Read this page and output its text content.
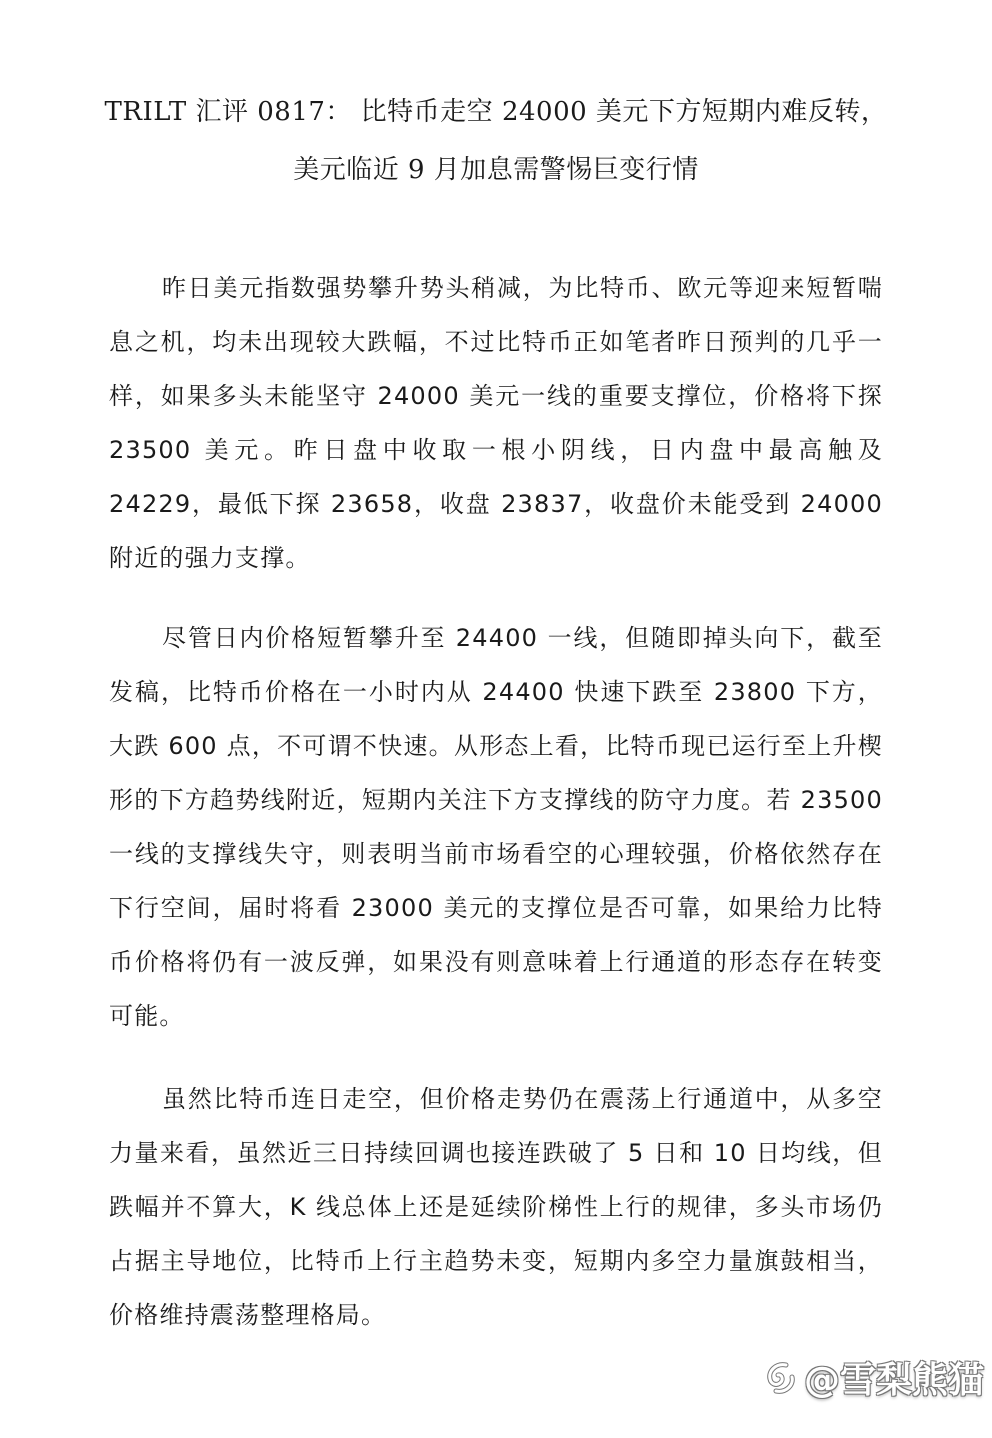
TRILT 汇评 0817： 比特币走空 24000 美元下方短期内难反转，
美元临近 9 月加息需警惕巨变行情

昨日美元指数强势攀升势头稍减，为比特币、欧元等迎来短暂喘息之机，均未出现较大跌幅，不过比特币正如笔者昨日预判的几乎一样，如果多头未能坚守 24000 美元一线的重要支撑位，价格将下探 23500 美元。昨日盘中收取一根小阴线，日内盘中最高触及 24229，最低下探 23658，收盘 23837，收盘价未能受到 24000 附近的强力支撑。

尽管日内价格短暂攀升至 24400 一线，但随即掉头向下，截至发稿，比特币价格在一小时内从 24400 快速下跌至 23800 下方，大跌 600 点，不可谓不快速。从形态上看，比特币现已运行至上升楔形的下方趋势线附近，短期内关注下方支撑线的防守力度。若 23500 一线的支撑线失守，则表明当前市场看空的心理较强，价格依然存在下行空间，届时将看 23000 美元的支撑位是否可靠，如果给力比特币价格将仍有一波反弹，如果没有则意味着上行通道的形态存在转变可能。

虽然比特币连日走空，但价格走势仍在震荡上行通道中，从多空力量来看，虽然近三日持续回调也接连跌破了 5 日和 10 日均线，但跌幅并不算大，K 线总体上还是延续阶梯性上行的规律，多头市场仍占据主导地位，比特币上行主趋势未变，短期内多空力量旗鼓相当，价格维持震荡整理格局。

@雪梨熊猫
